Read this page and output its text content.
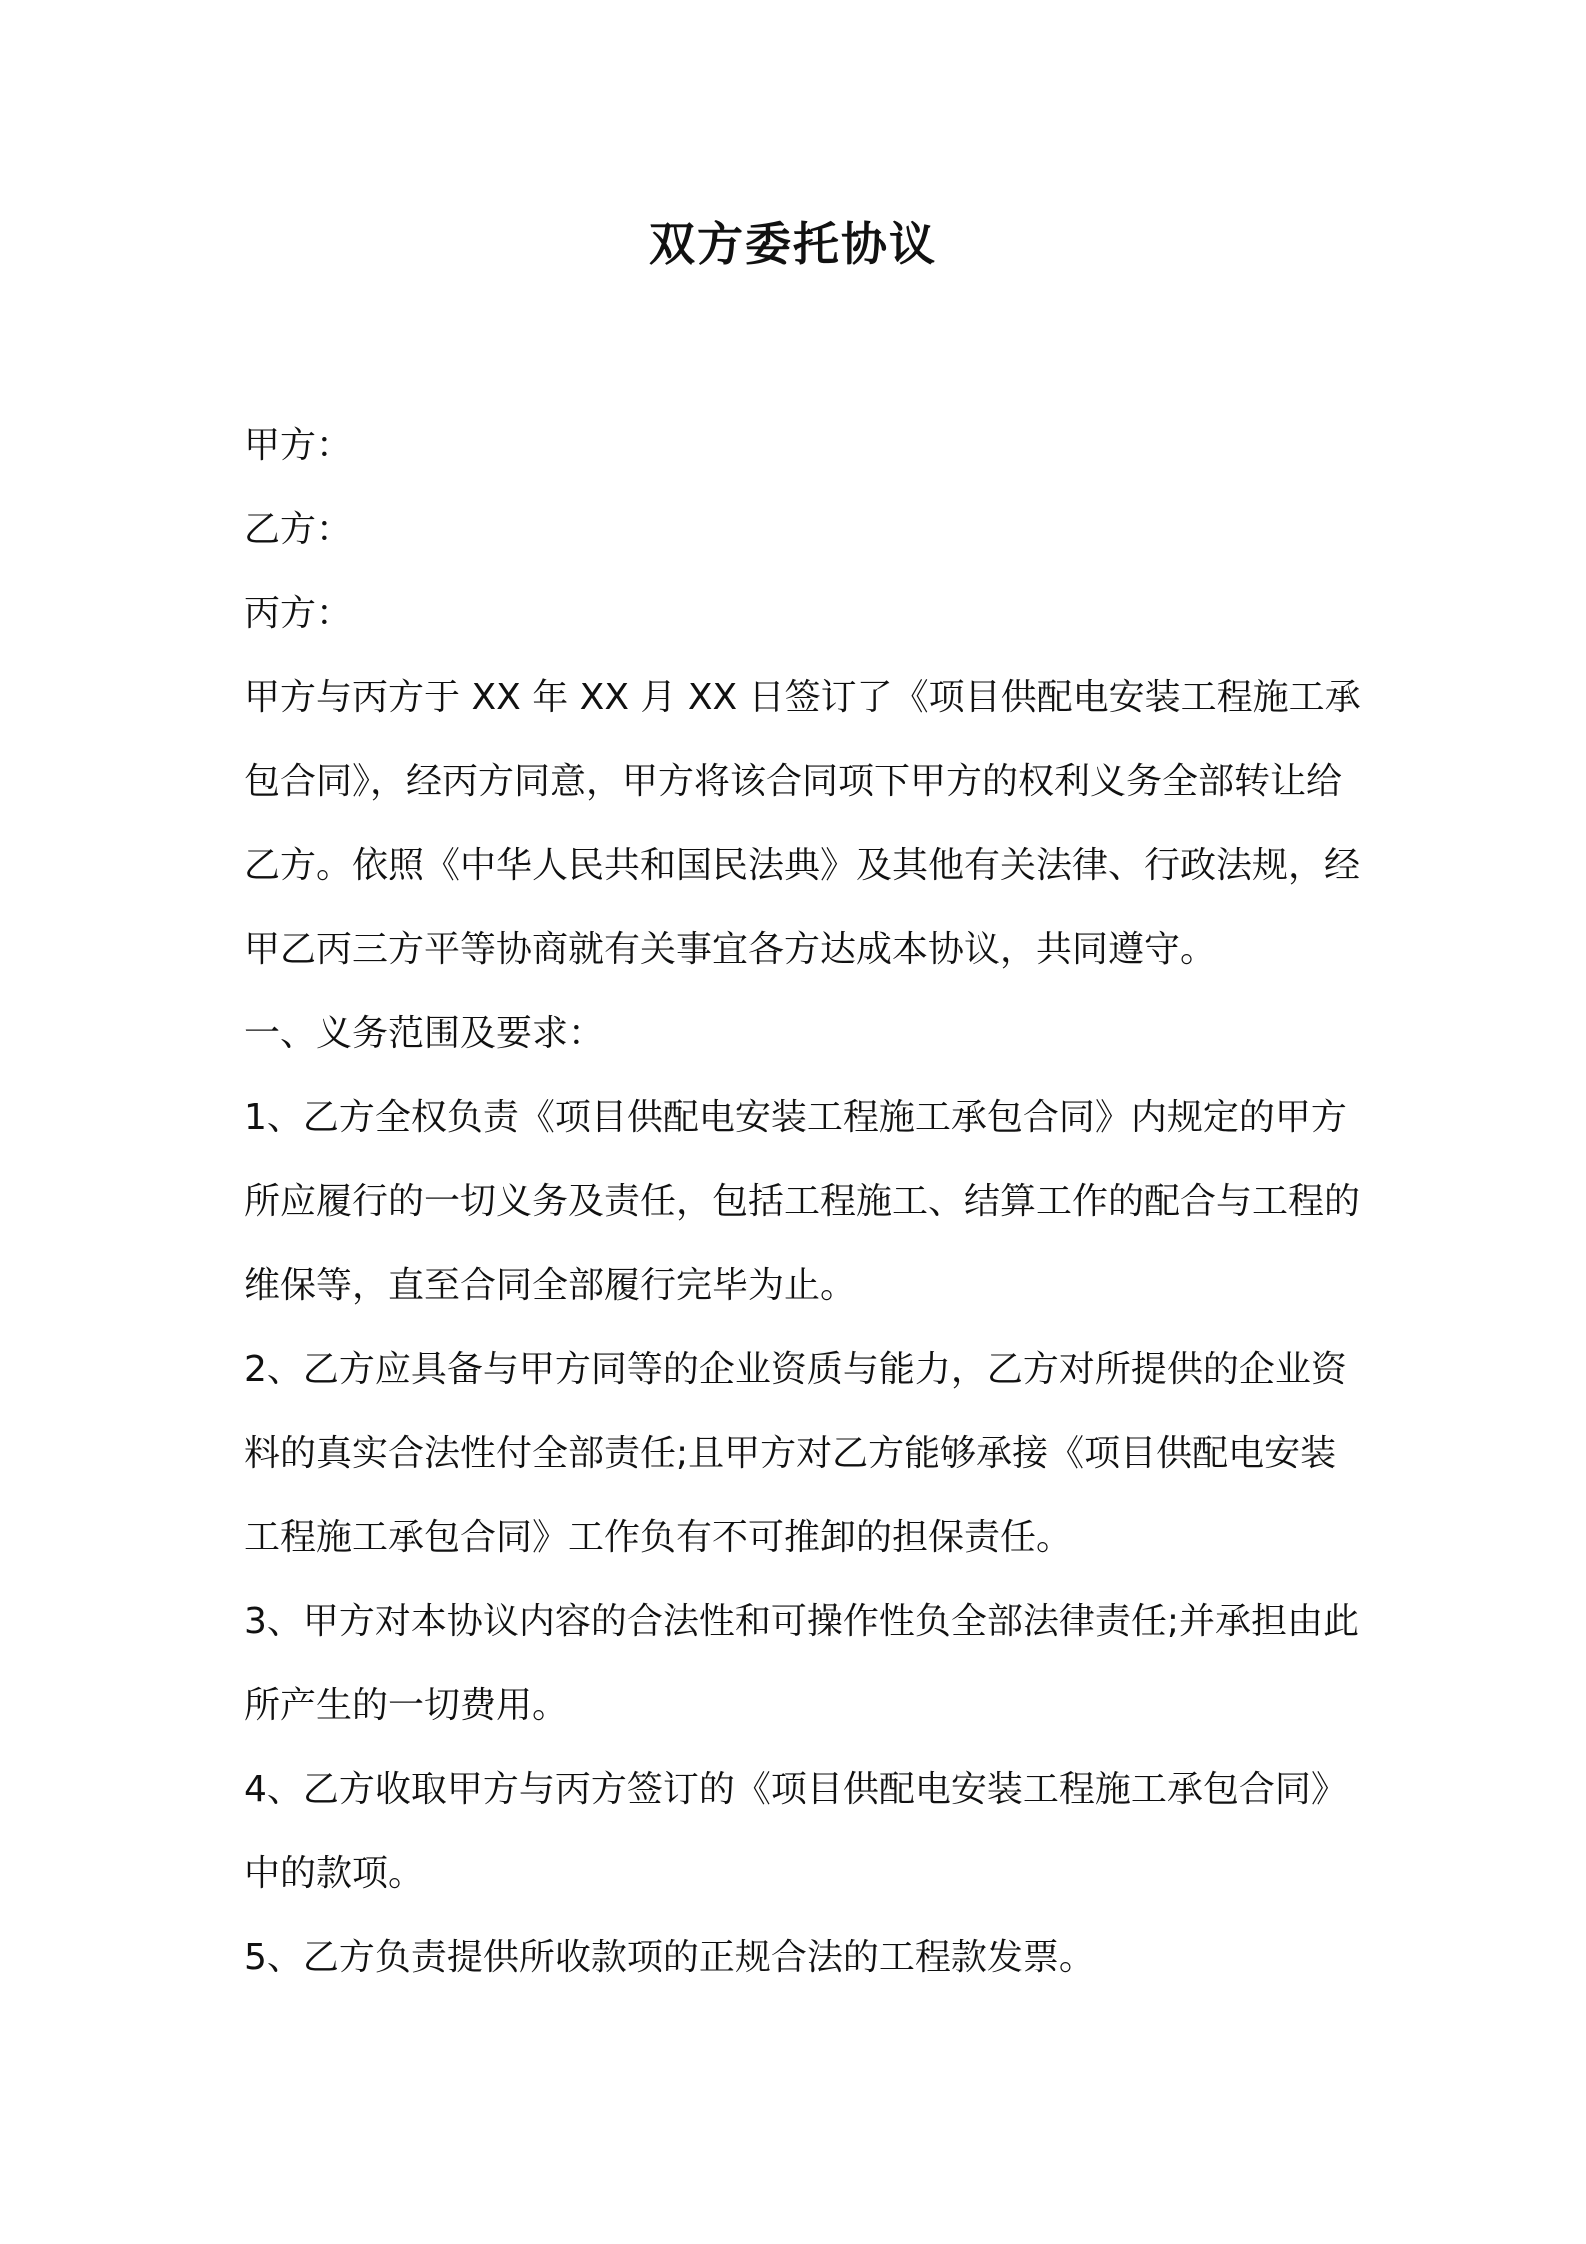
双方委托协议

甲方：

乙方：

丙方：

甲方与丙方于 XX 年 XX 月 XX 日签订了《项目供配电安装工程施工承包合同》，经丙方同意，甲方将该合同项下甲方的权利义务全部转让给乙方。依照《中华人民共和国民法典》及其他有关法律、行政法规，经甲乙丙三方平等协商就有关事宜各方达成本协议，共同遵守。

一、义务范围及要求：

1、乙方全权负责《项目供配电安装工程施工承包合同》内规定的甲方所应履行的一切义务及责任，包括工程施工、结算工作的配合与工程的维保等，直至合同全部履行完毕为止。

2、乙方应具备与甲方同等的企业资质与能力，乙方对所提供的企业资料的真实合法性付全部责任;且甲方对乙方能够承接《项目供配电安装工程施工承包合同》工作负有不可推卸的担保责任。

3、甲方对本协议内容的合法性和可操作性负全部法律责任;并承担由此所产生的一切费用。

4、乙方收取甲方与丙方签订的《项目供配电安装工程施工承包合同》中的款项。

5、乙方负责提供所收款项的正规合法的工程款发票。
